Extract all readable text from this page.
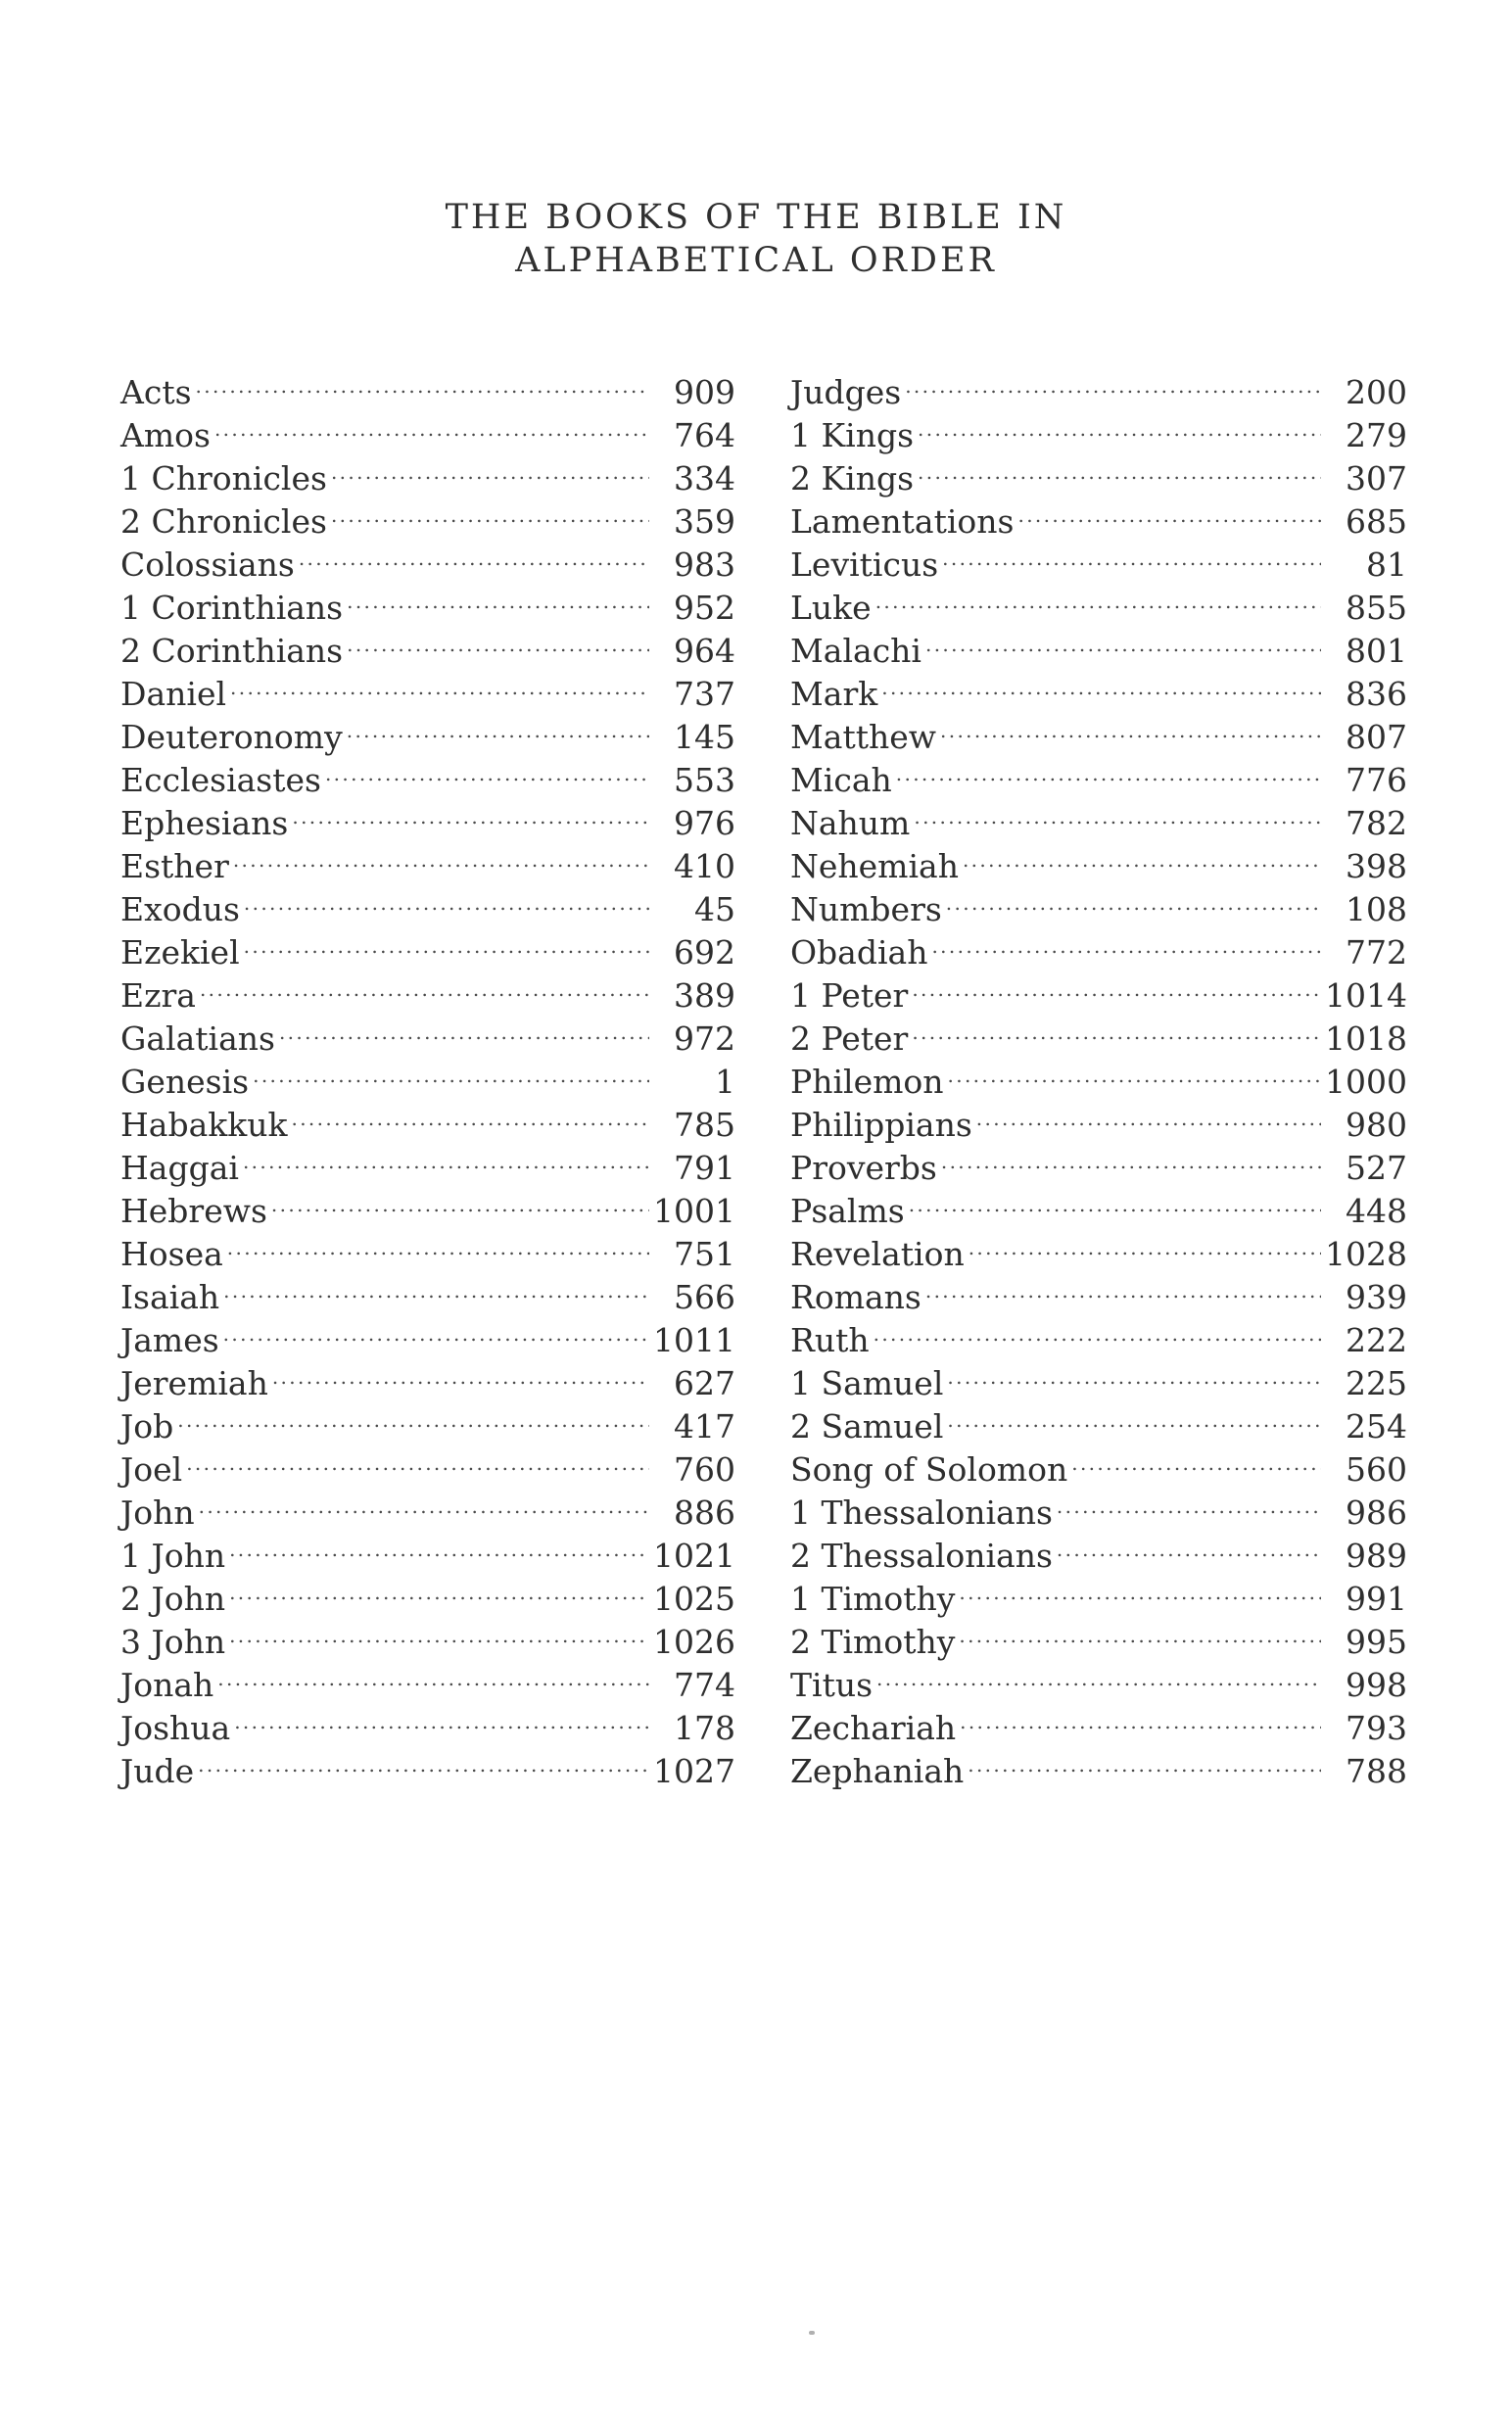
THE BOOKS OF THE BIBLE IN
ALPHABETICAL ORDER
Acts . . .	909
Amos . . .	764
1 Chronicles . . .	334
2 Chronicles . . .	359
Colossians . . .	983
1 Corinthians . . .	952
2 Corinthians . . .	964
Daniel . . .	737
Deuteronomy . . .	145
Ecclesiastes . . .	553
Ephesians . . .	976
Esther . . .	410
Exodus . . .	45
Ezekiel . . .	692
Ezra . . .	389
Galatians . . .	972
Genesis . . .	1
Habakkuk . . .	785
Haggai . . .	791
Hebrews . . .	1001
Hosea . . .	751
Isaiah . . .	566
James . . .	1011
Jeremiah . . .	627
Job . . .	417
Joel . . .	760
John . . .	886
1 John . . .	1021
2 John . . .	1025
3 John . . .	1026
Jonah . . .	774
Joshua . . .	178
Jude . . .	1027
Judges . . .	200
1 Kings . . .	279
2 Kings . . .	307
Lamentations . . .	685
Leviticus . . .	81
Luke . . .	855
Malachi . . .	801
Mark . . .	836
Matthew . . .	807
Micah . . .	776
Nahum . . .	782
Nehemiah . . .	398
Numbers . . .	108
Obadiah . . .	772
1 Peter . . .	1014
2 Peter . . .	1018
Philemon . . .	1000
Philippians . . .	980
Proverbs . . .	527
Psalms . . .	448
Revelation . . .	1028
Romans . . .	939
Ruth . . .	222
1 Samuel . . .	225
2 Samuel . . .	254
Song of Solomon . . .	560
1 Thessalonians . . .	986
2 Thessalonians . . .	989
1 Timothy . . .	991
2 Timothy . . .	995
Titus . . .	998
Zechariah . . .	793
Zephaniah . . .	788
